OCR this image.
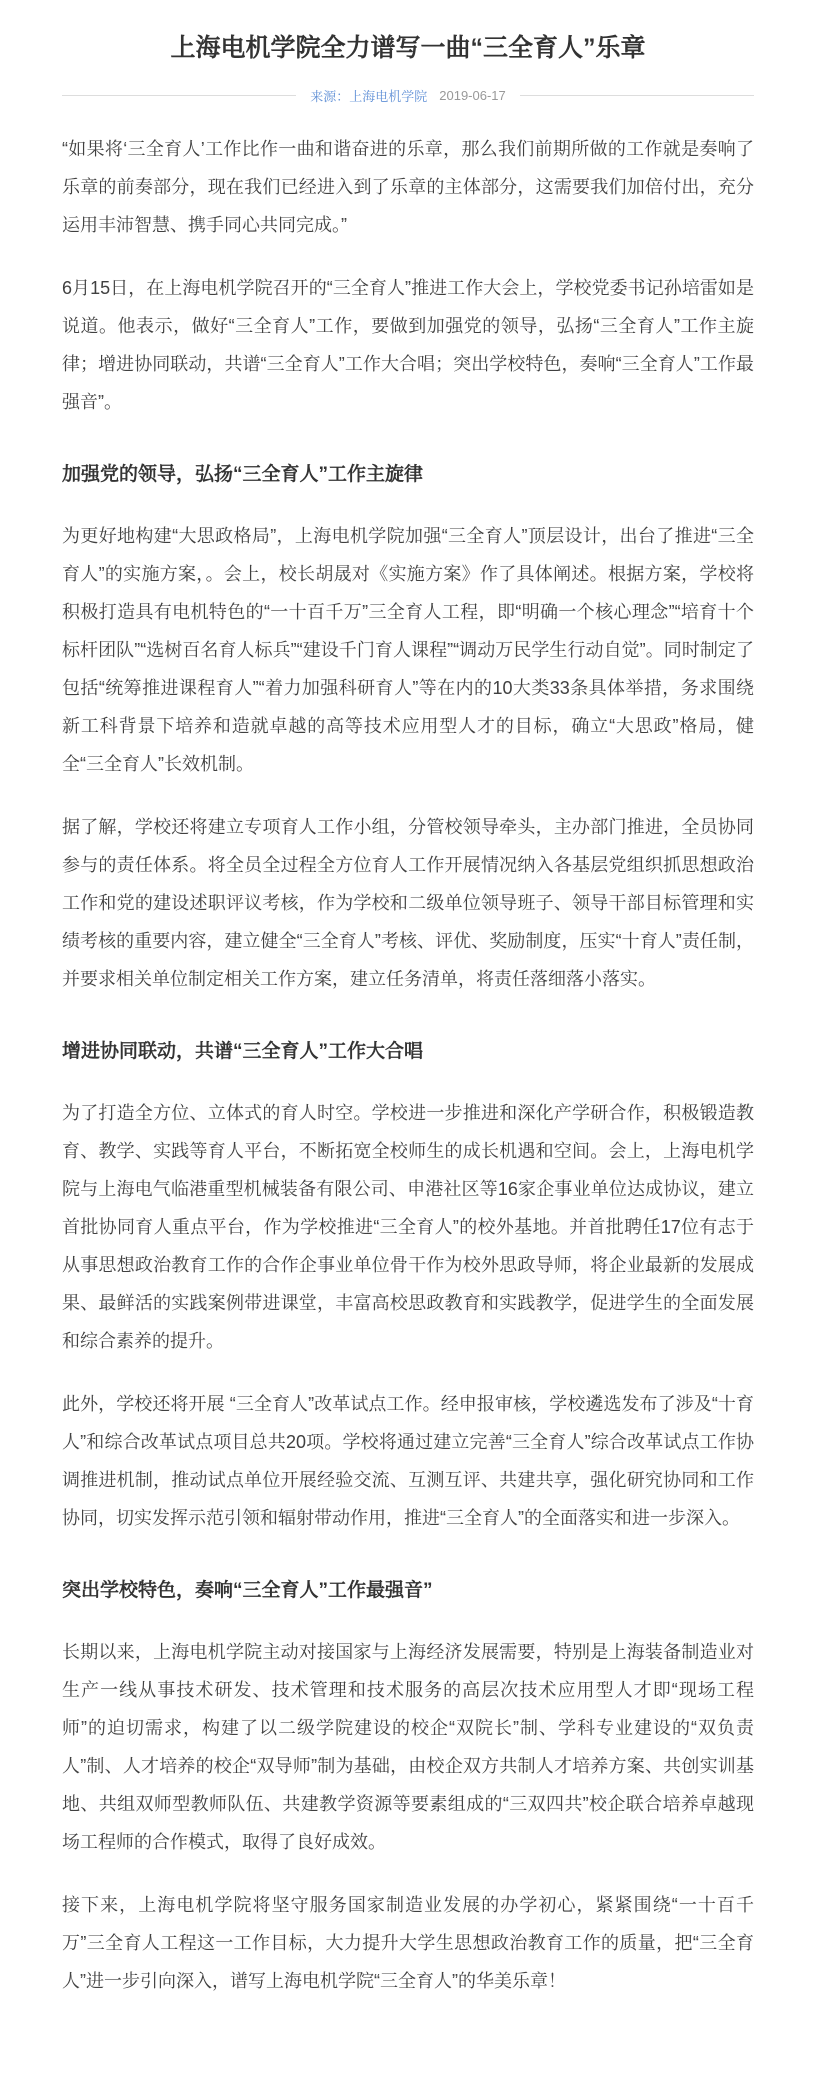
上海电机学院全力谱写一曲“三全育人”乐章
来源：上海电机学院 2019-06-17

“如果将‘三全育人’工作比作一曲和谐奋进的乐章，那么我们前期所做的工作就是奏响了乐章的前奏部分，现在我们已经进入到了乐章的主体部分，这需要我们加倍付出，充分运用丰沛智慧、携手同心共同完成。”

6月15日，在上海电机学院召开的“三全育人”推进工作大会上，学校党委书记孙培雷如是说道。他表示，做好“三全育人”工作，要做到加强党的领导，弘扬“三全育人”工作主旋律；增进协同联动，共谱“三全育人”工作大合唱；突出学校特色，奏响“三全育人”工作最强音”。

加强党的领导，弘扬“三全育人”工作主旋律

为更好地构建“大思政格局”，上海电机学院加强“三全育人”顶层设计，出台了推进“三全育人”的实施方案，。会上，校长胡晟对《实施方案》作了具体阐述。根据方案，学校将积极打造具有电机特色的“一十百千万”三全育人工程，即“明确一个核心理念”“培育十个标杆团队”“选树百名育人标兵”“建设千门育人课程”“调动万民学生行动自觉”。同时制定了包括“统筹推进课程育人”“着力加强科研育人”等在内的10大类33条具体举措，务求围绕新工科背景下培养和造就卓越的高等技术应用型人才的目标，确立“大思政”格局，健全“三全育人”长效机制。

据了解，学校还将建立专项育人工作小组，分管校领导牵头，主办部门推进，全员协同参与的责任体系。将全员全过程全方位育人工作开展情况纳入各基层党组织抓思想政治工作和党的建设述职评议考核，作为学校和二级单位领导班子、领导干部目标管理和实绩考核的重要内容，建立健全“三全育人”考核、评优、奖励制度，压实“十育人”责任制，并要求相关单位制定相关工作方案，建立任务清单，将责任落细落小落实。

增进协同联动，共谱“三全育人”工作大合唱

为了打造全方位、立体式的育人时空。学校进一步推进和深化产学研合作，积极锻造教育、教学、实践等育人平台，不断拓宽全校师生的成长机遇和空间。会上，上海电机学院与上海电气临港重型机械装备有限公司、申港社区等16家企事业单位达成协议，建立首批协同育人重点平台，作为学校推进“三全育人”的校外基地。并首批聘任17位有志于从事思想政治教育工作的合作企事业单位骨干作为校外思政导师，将企业最新的发展成果、最鲜活的实践案例带进课堂，丰富高校思政教育和实践教学，促进学生的全面发展和综合素养的提升。

此外，学校还将开展 “三全育人”改革试点工作。经申报审核，学校遴选发布了涉及“十育人”和综合改革试点项目总共20项。学校将通过建立完善“三全育人”综合改革试点工作协调推进机制，推动试点单位开展经验交流、互测互评、共建共享，强化研究协同和工作协同，切实发挥示范引领和辐射带动作用，推进“三全育人”的全面落实和进一步深入。

突出学校特色，奏响“三全育人”工作最强音”

长期以来，上海电机学院主动对接国家与上海经济发展需要，特别是上海装备制造业对生产一线从事技术研发、技术管理和技术服务的高层次技术应用型人才即“现场工程师”的迫切需求，构建了以二级学院建设的校企“双院长”制、学科专业建设的“双负责人”制、人才培养的校企“双导师”制为基础，由校企双方共制人才培养方案、共创实训基地、共组双师型教师队伍、共建教学资源等要素组成的“三双四共”校企联合培养卓越现场工程师的合作模式，取得了良好成效。

接下来，上海电机学院将坚守服务国家制造业发展的办学初心，紧紧围绕“一十百千万”三全育人工程这一工作目标，大力提升大学生思想政治教育工作的质量，把“三全育人”进一步引向深入，谱写上海电机学院“三全育人”的华美乐章！
